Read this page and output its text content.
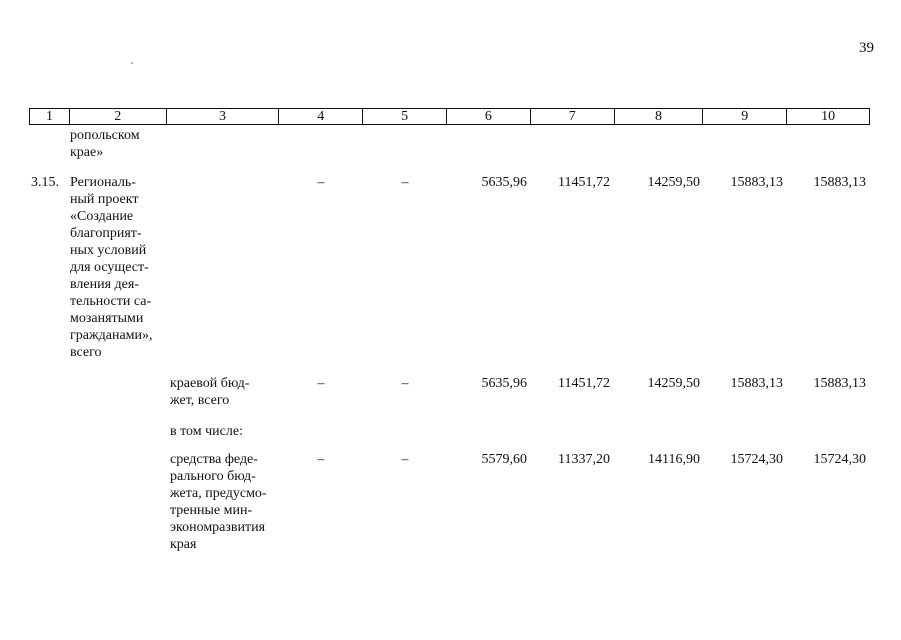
39
1	2	3	4	5	6	7	8	9	10
ропольском
крае»
3.15. Региональ-
ный проект
«Создание
благоприят-
ных условий
для осущест-
вления дея-
тельности са-
мозанятыми
гражданами»,
всего
–	–	5635,96 11451,72	14259,50 15883,13 15883,13
краевой бюд-
жет, всего
–	–	5635,96 11451,72	14259,50 15883,13 15883,13
в том числе:
средства феде-
рального бюд-
жета, предусмо-
тренные мин-
экономразвития
края
–	–	5579,60 11337,20	14116,90 15724,30 15724,30
